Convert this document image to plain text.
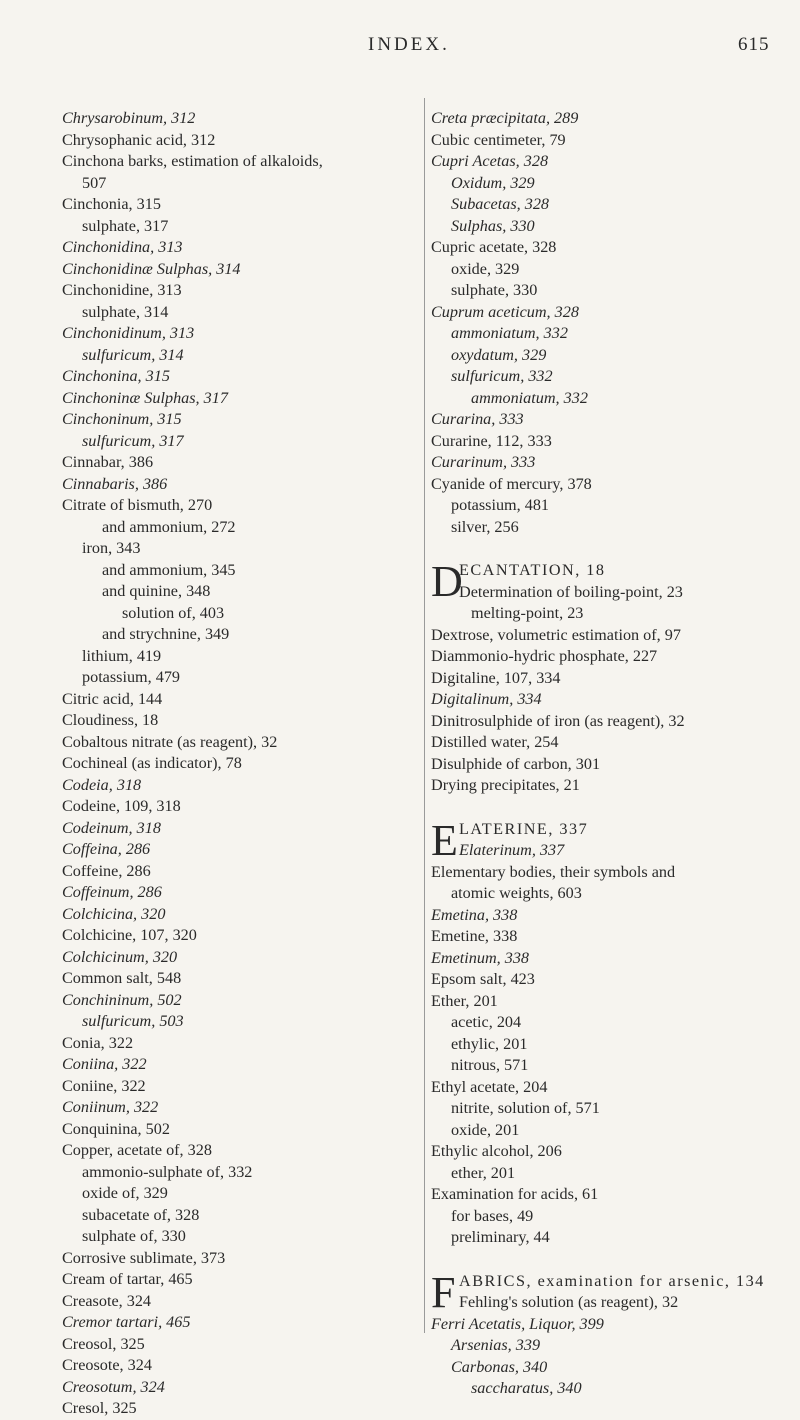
INDEX.	615
Chrysarobinum, 312
Chrysophanic acid, 312
Cinchona barks, estimation of alkaloids,
507
Cinchonia, 315
sulphate, 317
Cinchonidina, 313
Cinchonidinæ Sulphas, 314
Cinchonidine, 313
sulphate, 314
Cinchonidinum, 313
sulfuricum, 314
Cinchonina, 315
Cinchoninæ Sulphas, 317
Cinchoninum, 315
sulfuricum, 317
Cinnabar, 386
Cinnabaris, 386
Citrate of bismuth, 270
and ammonium, 272
iron, 343
and ammonium, 345
and quinine, 348
solution of, 403
and strychnine, 349
lithium, 419
potassium, 479
Citric acid, 144
Cloudiness, 18
Cobaltous nitrate (as reagent), 32
Cochineal (as indicator), 78
Codeia, 318
Codeine, 109, 318
Codeinum, 318
Coffeina, 286
Coffeine, 286
Coffeinum, 286
Colchicina, 320
Colchicine, 107, 320
Colchicinum, 320
Common salt, 548
Conchininum, 502
sulfuricum, 503
Conia, 322
Coniina, 322
Coniine, 322
Coniinum, 322
Conquinina, 502
Copper, acetate of, 328
ammonio-sulphate of, 332
oxide of, 329
subacetate of, 328
sulphate of, 330
Corrosive sublimate, 373
Cream of tartar, 465
Creasote, 324
Cremor tartari, 465
Creosol, 325
Creosote, 324
Creosotum, 324
Cresol, 325
Creta præcipitata, 289
Cubic centimeter, 79
Cupri Acetas, 328
Oxidum, 329
Subacetas, 328
Sulphas, 330
Cupric acetate, 328
oxide, 329
sulphate, 330
Cuprum aceticum, 328
ammoniatum, 332
oxydatum, 329
sulfuricum, 332
ammoniatum, 332
Curarina, 333
Curarine, 112, 333
Curarinum, 333
Cyanide of mercury, 378
potassium, 481
silver, 256
D
ECANTATION, 18
Determination of boiling-point, 23
melting-point, 23
Dextrose, volumetric estimation of, 97
Diammonio-hydric phosphate, 227
Digitaline, 107, 334
Digitalinum, 334
Dinitrosulphide of iron (as reagent), 32
Distilled water, 254
Disulphide of carbon, 301
Drying precipitates, 21
E LATERINE, 337
Elaterinum, 337
Elementary bodies, their symbols and
atomic weights, 603
Emetina, 338
Emetine, 338
Emetinum, 338
Epsom salt, 423
Ether, 201
acetic, 204
ethylic, 201
nitrous, 571
Ethyl acetate, 204
nitrite, solution of, 571
oxide, 201
Ethylic alcohol, 206
ether, 201
Examination for acids, 61
for bases, 49
preliminary, 44
F ABRICS, examination for arsenic, 134
Fehling's solution (as reagent), 32
Ferri Acetatis, Liquor, 399
Arsenias, 339
Carbonas, 340
saccharatus, 340
